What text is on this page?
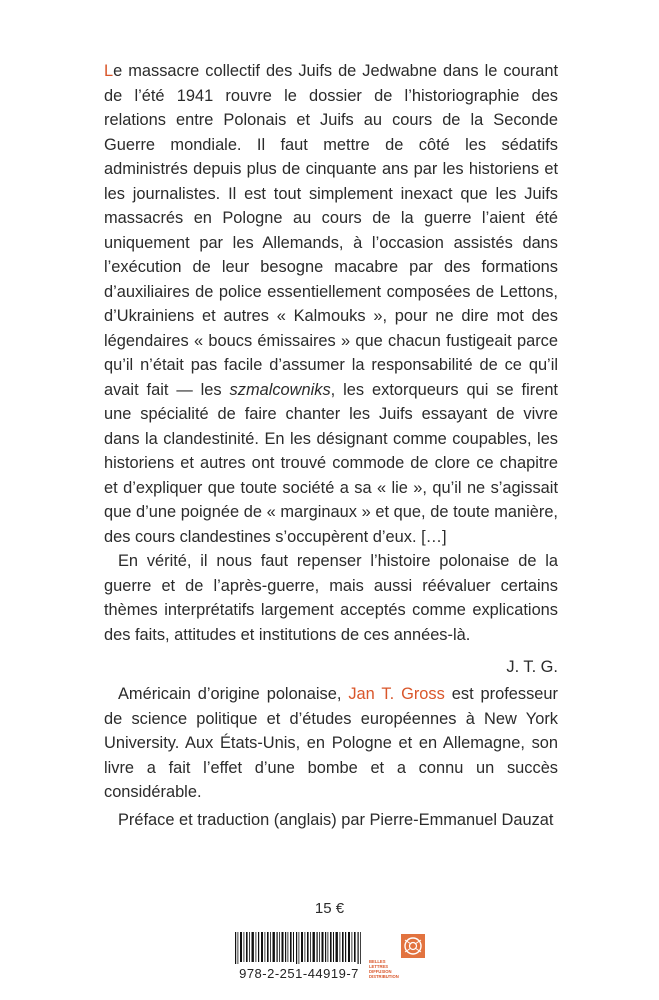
Le massacre collectif des Juifs de Jedwabne dans le courant de l’été 1941 rouvre le dossier de l’historiographie des relations entre Polonais et Juifs au cours de la Seconde Guerre mondiale. Il faut mettre de côté les sédatifs administrés depuis plus de cinquante ans par les historiens et les journalistes. Il est tout simplement inexact que les Juifs massacrés en Pologne au cours de la guerre l’aient été uniquement par les Allemands, à l’occasion assistés dans l’exécution de leur besogne macabre par des formations d’auxiliaires de police essentiellement composées de Lettons, d’Ukrainiens et autres « Kalmouks », pour ne dire mot des légendaires « boucs émissaires » que chacun fustigeait parce qu’il n’était pas facile d’assumer la responsabilité de ce qu’il avait fait — les szmalcowniks, les extorqueurs qui se firent une spécialité de faire chanter les Juifs essayant de vivre dans la clandestinité. En les désignant comme coupables, les historiens et autres ont trouvé commode de clore ce chapitre et d’expliquer que toute société a sa « lie », qu’il ne s’agissait que d’une poignée de « marginaux » et que, de toute manière, des cours clandestines s’occupèrent d’eux. […]

En vérité, il nous faut repenser l’histoire polonaise de la guerre et de l’après-guerre, mais aussi réévaluer certains thèmes interprétatifs largement acceptés comme explications des faits, attitudes et institutions de ces années-là.

J. T. G.

Américain d’origine polonaise, Jan T. Gross est professeur de science politique et d’études européennes à New York University. Aux États-Unis, en Pologne et en Allemagne, son livre a fait l’effet d’une bombe et a connu un succès considérable.

Préface et traduction (anglais) par Pierre-Emmanuel Dauzat

15 €
978-2-251-44919-7
BELLES LETTRES
DIFFUSION
DISTRIBUTION
